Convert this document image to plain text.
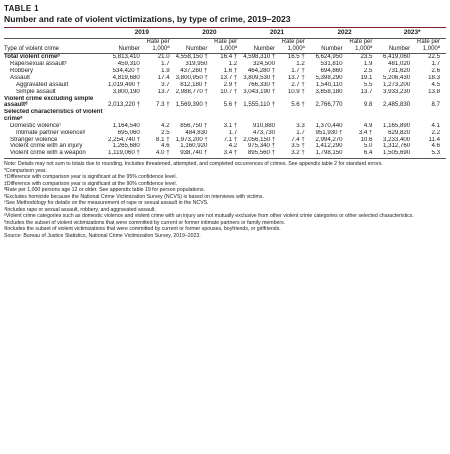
TABLE 1
Number and rate of violent victimizations, by type of crime, 2019–2023
	2019		2020		2021		2022		2023*	
Type of violent crime	Number	Rate per 1,000ª	Number	Rate per 1,000ª	Number	Rate per 1,000ª	Number	Rate per 1,000ª	Number	Rate per 1,000ª
Total violent crimeᵇ	5,813,410	21.0	4,558,150 †	16.4 †	4,598,310 †	16.5 †	6,624,950	23.5	6,419,060	22.5
Rape/sexual assaultᶜ	459,310	1.7	319,950	1.2	324,500	1.2	531,810	1.9	481,020	1.7
Robbery	534,420 †	1.9	437,260 †	1.6 †	464,280 †	1.7 †	694,860	2.5	731,620	2.6
Assault	4,819,680	17.4	3,800,950 †	13.7 †	3,809,530 †	13.7 †	5,398,290	19.1	5,206,430	18.3
Aggravated assault	1,019,490 †	3.7	812,180 †	2.9 †	766,330 †	2.7 †	1,540,110	5.5	1,273,200	4.5
Simple assault	3,800,190	13.7	2,988,770 †	10.7 †	3,043,190 †	10.9 †	3,858,180	13.7	3,933,230	13.8
Violent crime excluding simple assaultᵈ	2,013,220 †	7.3 †	1,569,390 †	5.6 †	1,555,110 †	5.6 †	2,766,770	9.8	2,485,830	8.7
Selected characteristics of violent crimeᵉ										
Domestic violenceᶠ	1,164,540	4.2	856,750 †	3.1 †	910,880	3.3	1,370,440	4.9	1,165,890	4.1
Intimate partner violenceᵍ	695,060	2.5	484,830	1.7	473,730	1.7	951,930 †	3.4 †	629,820	2.2
Stranger violence	2,254,740 †	8.1 †	1,973,200 †	7.1 †	2,056,150 †	7.4 †	2,994,270	10.6	3,233,400	11.4
Violent crime with an injury	1,265,680	4.6	1,160,920	4.2	975,340 †	3.5 †	1,412,290	5.0	1,312,760	4.6
Violent crime with a weapon	1,119,060 †	4.0 †	938,740 †	3.4 †	895,560 †	3.2 †	1,798,150	6.4	1,505,690	5.3
Note: Details may not sum to totals due to rounding. Includes threatened, attempted, and completed occurrences of crimes. See appendix table 2 for standard errors.
*Comparison year.
†Difference with comparison year is significant at the 95% confidence level.
‡Difference with comparison year is significant at the 90% confidence level.
ªRate per 1,000 persons age 12 or older. See appendix table 19 for person populations.
ᵇExcludes homicide because the National Crime Victimization Survey (NCVS) is based on interviews with victims.
ᶜSee Methodology for details on the measurement of rape or sexual assault in the NCVS.
ᵈIncludes rape or sexual assault, robbery, and aggravated assault.
ᵉViolent crime categories such as domestic violence and violent crime with an injury are not mutually exclusive from other violent crime categories or other selected characteristics.
ᶠIncludes the subset of violent victimizations that were committed by current or former intimate partners or family members.
ᵍIncludes the subset of violent victimizations that were committed by current or former spouses, boyfriends, or girlfriends.
Source: Bureau of Justice Statistics, National Crime Victimization Survey, 2019–2023.
